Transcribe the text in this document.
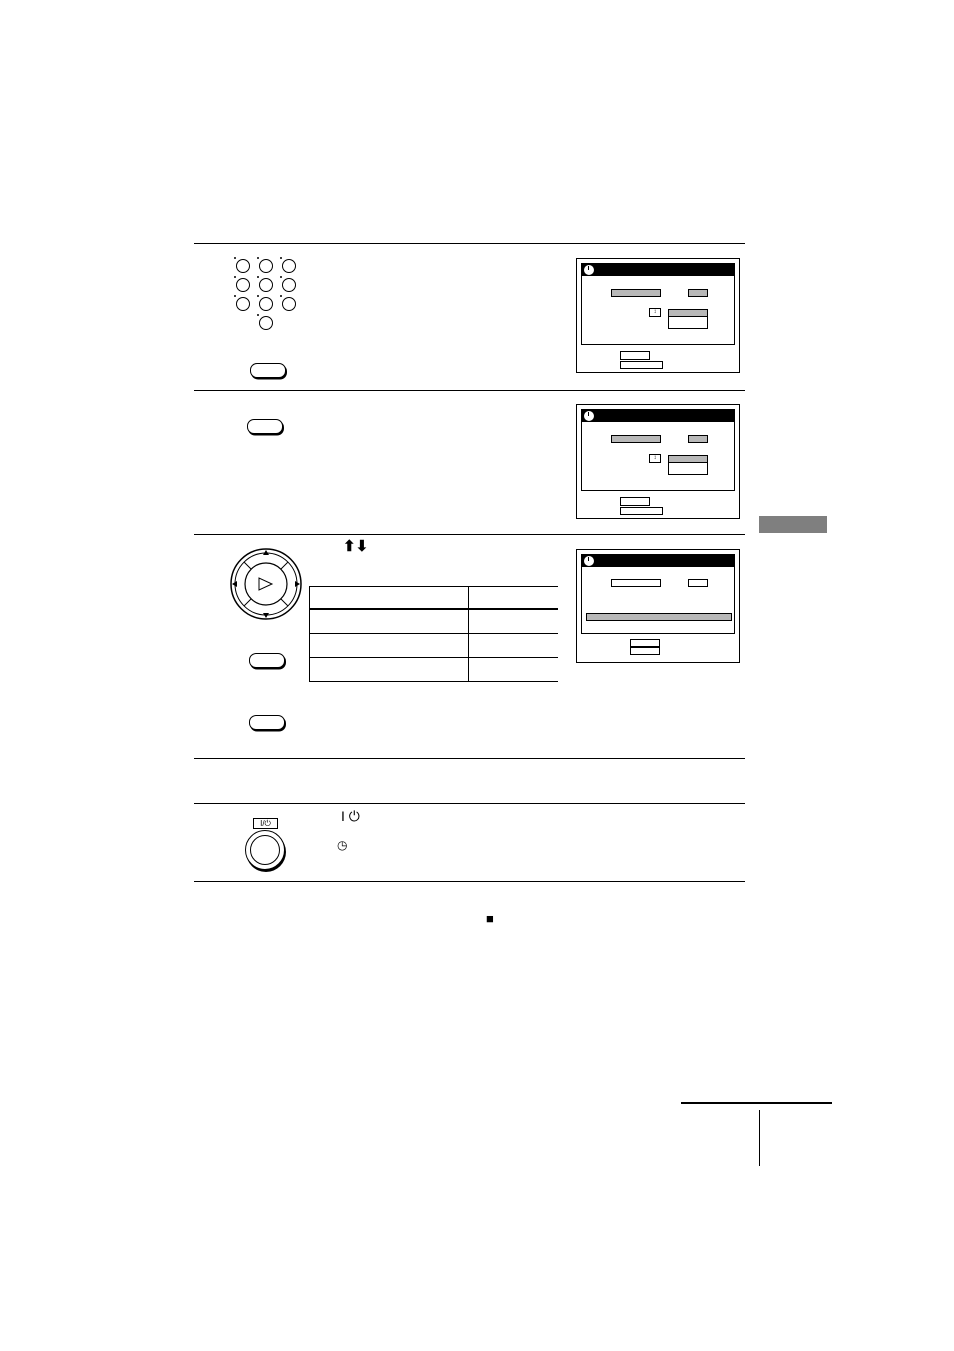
↕
↕
⬆⬇
I/⏻	I ⏻
◷
■
